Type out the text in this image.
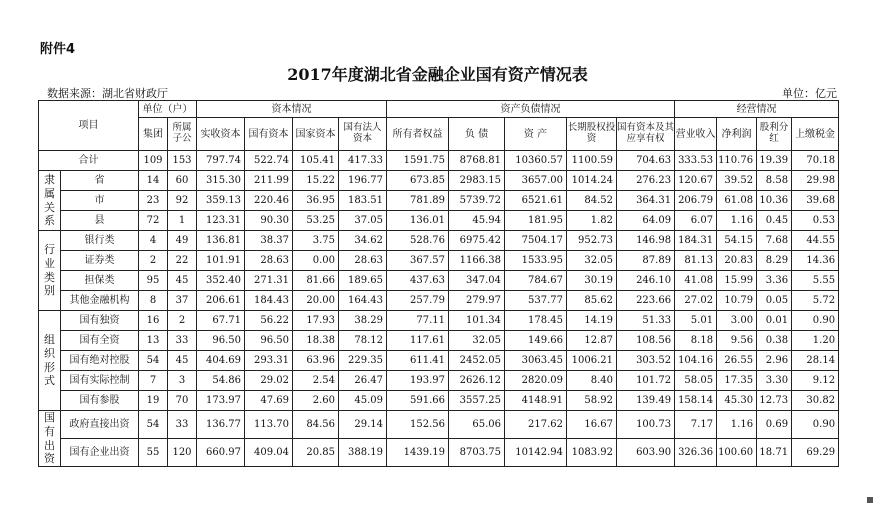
附件4
2017年度湖北省金融企业国有资产情况表
数据来源：湖北省财政厅	单位：亿元
项目		单位（户）		资本情况				资产负债情况					经营情况			
		集团	所属子公	实收资本	国有资本	国家资本	国有法人资本	所有者权益	负 债	资 产	长期股权投资	国有资本及其应享有权	营业收入	净利润	股利分红	上缴税金
合计		109	153	797.74	522.74	105.41	417.33	1591.75	8768.81	10360.57	1100.59	704.63	333.53	110.76	19.39	70.18
隶
属
关
系	省	14	60	315.30	211.99	15.22	196.77	673.85	2983.15	3657.00	1014.24	276.23	120.67	39.52	8.58	29.98
	市	23	92	359.13	220.46	36.95	183.51	781.89	5739.72	6521.61	84.52	364.31	206.79	61.08	10.36	39.68
	县	72	1	123.31	90.30	53.25	37.05	136.01	45.94	181.95	1.82	64.09	6.07	1.16	0.45	0.53
行
业
类
别	银行类	4	49	136.81	38.37	3.75	34.62	528.76	6975.42	7504.17	952.73	146.98	184.31	54.15	7.68	44.55
	证券类	2	22	101.91	28.63	0.00	28.63	367.57	1166.38	1533.95	32.05	87.89	81.13	20.83	8.29	14.36
	担保类	95	45	352.40	271.31	81.66	189.65	437.63	347.04	784.67	30.19	246.10	41.08	15.99	3.36	5.55
	其他金融机构	8	37	206.61	184.43	20.00	164.43	257.79	279.97	537.77	85.62	223.66	27.02	10.79	0.05	5.72
组
织
形
式	国有独资	16	2	67.71	56.22	17.93	38.29	77.11	101.34	178.45	14.19	51.33	5.01	3.00	0.01	0.90
	国有全资	13	33	96.50	96.50	18.38	78.12	117.61	32.05	149.66	12.87	108.56	8.18	9.56	0.38	1.20
	国有绝对控股	54	45	404.69	293.31	63.96	229.35	611.41	2452.05	3063.45	1006.21	303.52	104.16	26.55	2.96	28.14
	国有实际控制	7	3	54.86	29.02	2.54	26.47	193.97	2626.12	2820.09	8.40	101.72	58.05	17.35	3.30	9.12
	国有参股	19	70	173.97	47.69	2.60	45.09	591.66	3557.25	4148.91	58.92	139.49	158.14	45.30	12.73	30.82
国
有
出
资	政府直接出资	54	33	136.77	113.70	84.56	29.14	152.56	65.06	217.62	16.67	100.73	7.17	1.16	0.69	0.90
	国有企业出资	55	120	660.97	409.04	20.85	388.19	1439.19	8703.75	10142.94	1083.92	603.90	326.36	100.60	18.71	69.29
